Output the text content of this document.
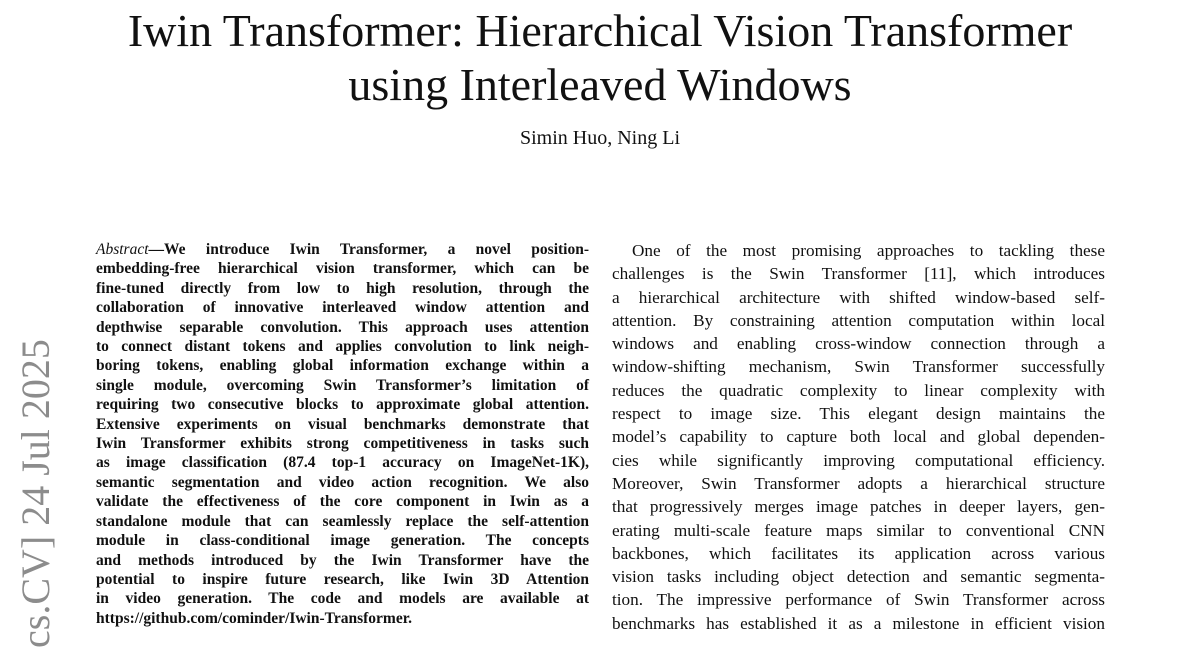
Iwin Transformer: Hierarchical Vision Transformer
using Interleaved Windows
Simin Huo, Ning Li
cs.CV] 24 Jul 2025
Abstract—We introduce Iwin Transformer, a novel position-
embedding-free hierarchical vision transformer, which can be
fine-tuned directly from low to high resolution, through the
collaboration of innovative interleaved window attention and
depthwise separable convolution. This approach uses attention
to connect distant tokens and applies convolution to link neigh-
boring tokens, enabling global information exchange within a
single module, overcoming Swin Transformer’s limitation of
requiring two consecutive blocks to approximate global attention.
Extensive experiments on visual benchmarks demonstrate that
Iwin Transformer exhibits strong competitiveness in tasks such
as image classification (87.4 top-1 accuracy on ImageNet-1K),
semantic segmentation and video action recognition. We also
validate the effectiveness of the core component in Iwin as a
standalone module that can seamlessly replace the self-attention
module in class-conditional image generation. The concepts
and methods introduced by the Iwin Transformer have the
potential to inspire future research, like Iwin 3D Attention
in video generation. The code and models are available at
https://github.com/cominder/Iwin-Transformer.
One of the most promising approaches to tackling these
challenges is the Swin Transformer [11], which introduces
a hierarchical architecture with shifted window-based self-
attention. By constraining attention computation within local
windows and enabling cross-window connection through a
window-shifting mechanism, Swin Transformer successfully
reduces the quadratic complexity to linear complexity with
respect to image size. This elegant design maintains the
model’s capability to capture both local and global dependen-
cies while significantly improving computational efficiency.
Moreover, Swin Transformer adopts a hierarchical structure
that progressively merges image patches in deeper layers, gen-
erating multi-scale feature maps similar to conventional CNN
backbones, which facilitates its application across various
vision tasks including object detection and semantic segmenta-
tion. The impressive performance of Swin Transformer across
benchmarks has established it as a milestone in efficient vision
